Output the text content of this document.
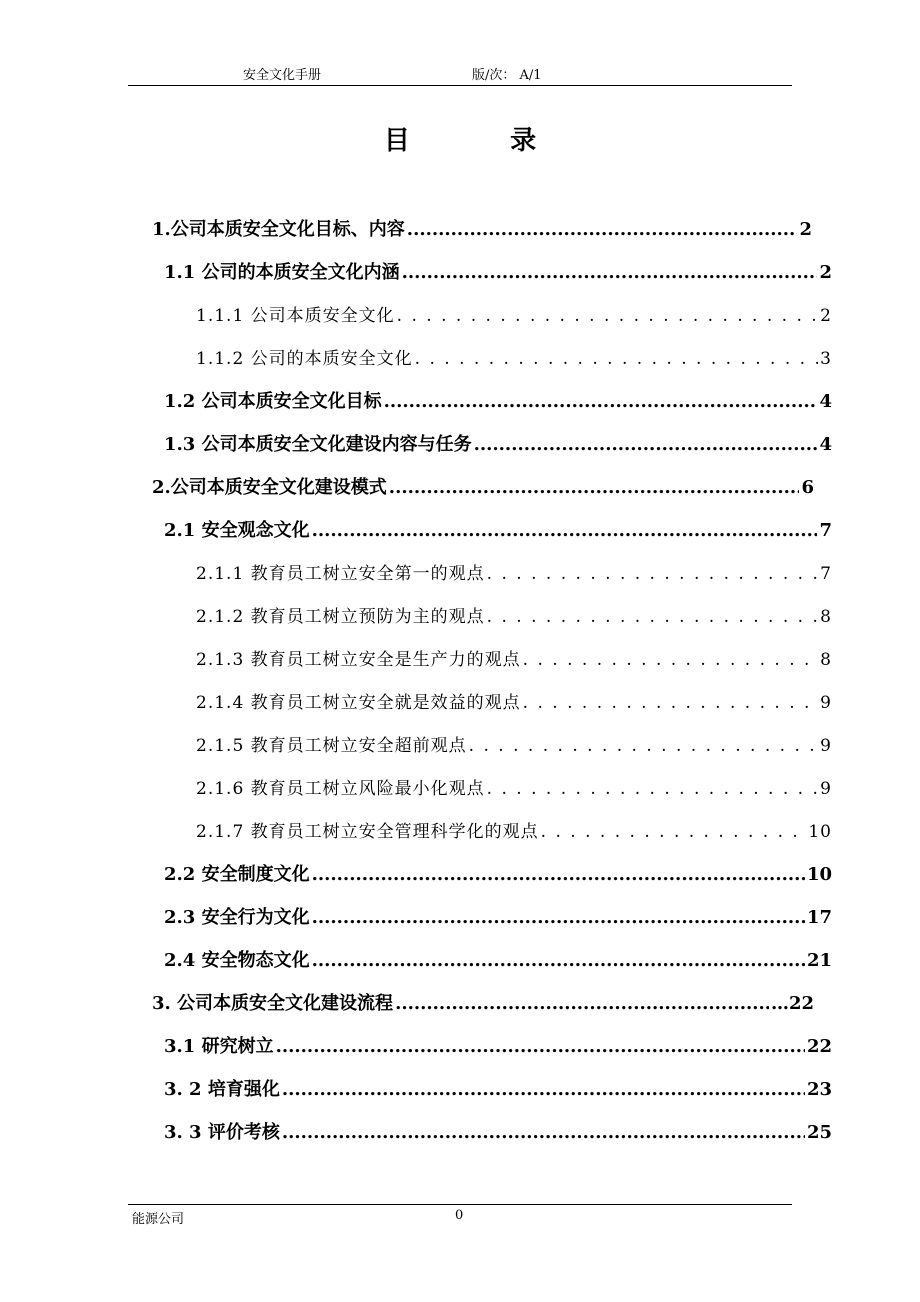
安全文化手册	版/次： A/1
目	录
1.公司本质安全文化目标、内容 .....	2
1.1 公司的本质安全文化内涵 .....	2
1.1.1 公司本质安全文化 . . .	2
1.1.2 公司的本质安全文化 . . .	3
1.2 公司本质安全文化目标 .....	4
1.3 公司本质安全文化建设内容与任务 .....	4
2.公司本质安全文化建设模式 .....	6
2.1 安全观念文化 .....	7
2.1.1 教育员工树立安全第一的观点 . . .	7
2.1.2 教育员工树立预防为主的观点 . . .	8
2.1.3 教育员工树立安全是生产力的观点 . . .	8
2.1.4 教育员工树立安全就是效益的观点 . . .	9
2.1.5 教育员工树立安全超前观点 . . .	9
2.1.6 教育员工树立风险最小化观点 . . .	9
2.1.7 教育员工树立安全管理科学化的观点 . . .	10
2.2 安全制度文化 .....	10
2.3 安全行为文化 .....	17
2.4 安全物态文化 .....	21
3. 公司本质安全文化建设流程 .....	…22
3.1 研究树立 .....	22
3. 2 培育强化 .....	23
3. 3 评价考核 .....	25
能源公司	0
